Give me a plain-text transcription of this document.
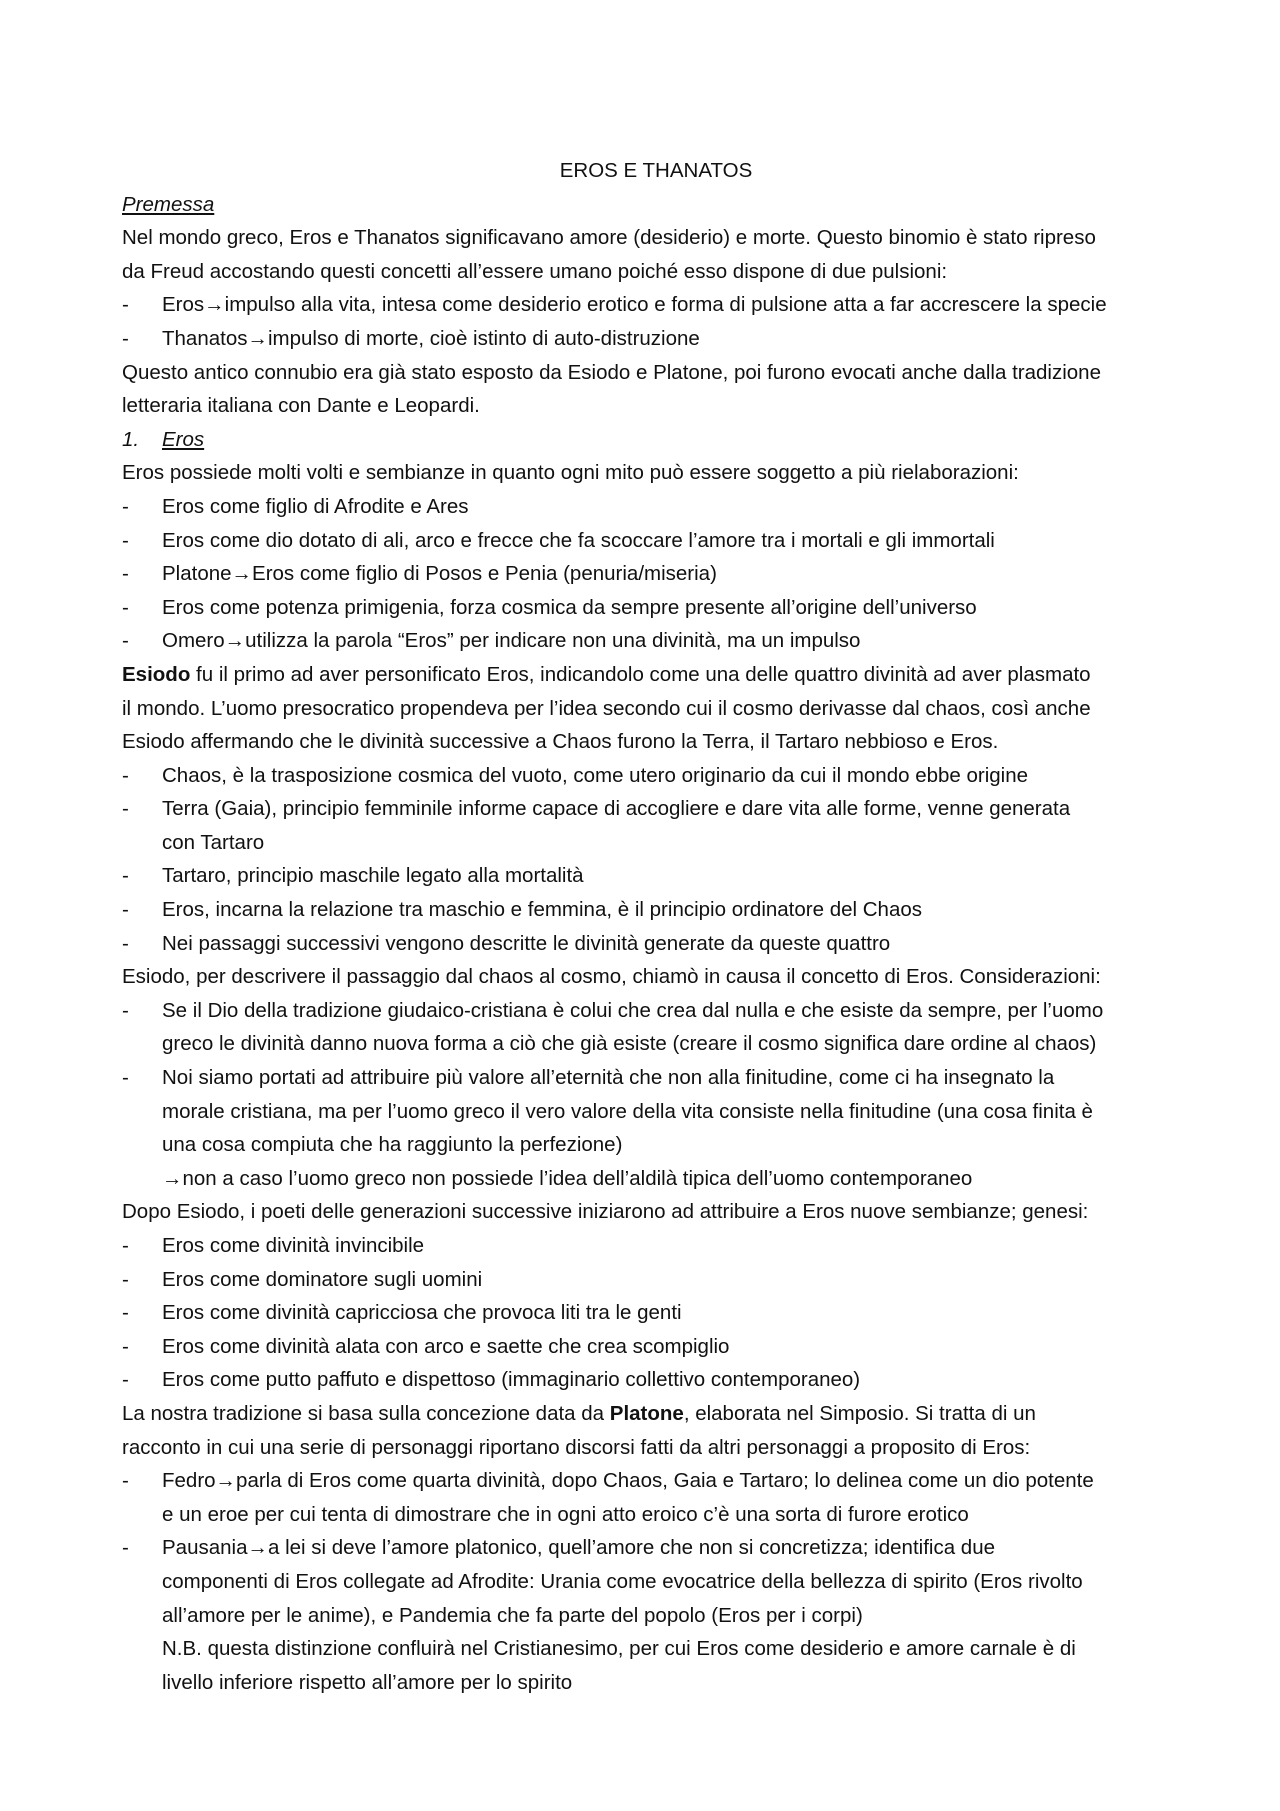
EROS E THANATOS
Premessa
Nel mondo greco, Eros e Thanatos significavano amore (desiderio) e morte. Questo binomio è stato ripreso
da Freud accostando questi concetti all’essere umano poiché esso dispone di due pulsioni:
-	Eros→impulso alla vita, intesa come desiderio erotico e forma di pulsione atta a far accrescere la specie
-	Thanatos→impulso di morte, cioè istinto di auto-distruzione
Questo antico connubio era già stato esposto da Esiodo e Platone, poi furono evocati anche dalla tradizione
letteraria italiana con Dante e Leopardi.
1.	Eros
Eros possiede molti volti e sembianze in quanto ogni mito può essere soggetto a più rielaborazioni:
-	Eros come figlio di Afrodite e Ares
-	Eros come dio dotato di ali, arco e frecce che fa scoccare l’amore tra i mortali e gli immortali
-	Platone→Eros come figlio di Posos e Penia (penuria/miseria)
-	Eros come potenza primigenia, forza cosmica da sempre presente all’origine dell’universo
-	Omero→utilizza la parola “Eros” per indicare non una divinità, ma un impulso
Esiodo fu il primo ad aver personificato Eros, indicandolo come una delle quattro divinità ad aver plasmato
il mondo. L’uomo presocratico propendeva per l’idea secondo cui il cosmo derivasse dal chaos, così anche
Esiodo affermando che le divinità successive a Chaos furono la Terra, il Tartaro nebbioso e Eros.
-	Chaos, è la trasposizione cosmica del vuoto, come utero originario da cui il mondo ebbe origine
-	Terra (Gaia), principio femminile informe capace di accogliere e dare vita alle forme, venne generata
con Tartaro
-	Tartaro, principio maschile legato alla mortalità
-	Eros, incarna la relazione tra maschio e femmina, è il principio ordinatore del Chaos
-	Nei passaggi successivi vengono descritte le divinità generate da queste quattro
Esiodo, per descrivere il passaggio dal chaos al cosmo, chiamò in causa il concetto di Eros. Considerazioni:
-	Se il Dio della tradizione giudaico-cristiana è colui che crea dal nulla e che esiste da sempre, per l’uomo
greco le divinità danno nuova forma a ciò che già esiste (creare il cosmo significa dare ordine al chaos)
-	Noi siamo portati ad attribuire più valore all’eternità che non alla finitudine, come ci ha insegnato la
morale cristiana, ma per l’uomo greco il vero valore della vita consiste nella finitudine (una cosa finita è
una cosa compiuta che ha raggiunto la perfezione)
→non a caso l’uomo greco non possiede l’idea dell’aldilà tipica dell’uomo contemporaneo
Dopo Esiodo, i poeti delle generazioni successive iniziarono ad attribuire a Eros nuove sembianze; genesi:
-	Eros come divinità invincibile
-	Eros come dominatore sugli uomini
-	Eros come divinità capricciosa che provoca liti tra le genti
-	Eros come divinità alata con arco e saette che crea scompiglio
-	Eros come putto paffuto e dispettoso (immaginario collettivo contemporaneo)
La nostra tradizione si basa sulla concezione data da Platone, elaborata nel Simposio. Si tratta di un
racconto in cui una serie di personaggi riportano discorsi fatti da altri personaggi a proposito di Eros:
-	Fedro→parla di Eros come quarta divinità, dopo Chaos, Gaia e Tartaro; lo delinea come un dio potente
e un eroe per cui tenta di dimostrare che in ogni atto eroico c’è una sorta di furore erotico
-	Pausania→a lei si deve l’amore platonico, quell’amore che non si concretizza; identifica due
componenti di Eros collegate ad Afrodite: Urania come evocatrice della bellezza di spirito (Eros rivolto
all’amore per le anime), e Pandemia che fa parte del popolo (Eros per i corpi)
N.B. questa distinzione confluirà nel Cristianesimo, per cui Eros come desiderio e amore carnale è di
livello inferiore rispetto all’amore per lo spirito
